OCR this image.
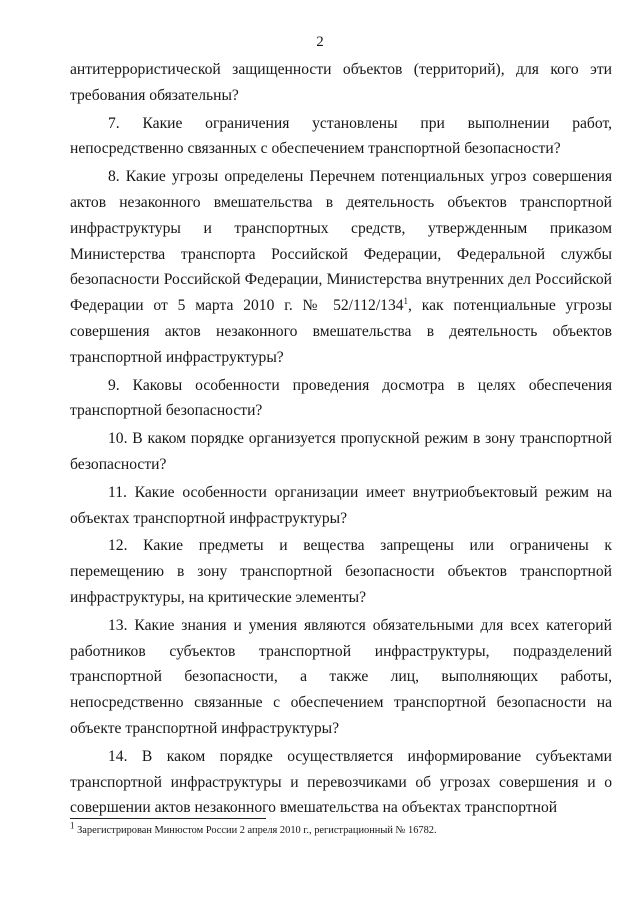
2

антитеррористической защищенности объектов (территорий), для кого эти требования обязательны?

7. Какие ограничения установлены при выполнении работ, непосредственно связанных с обеспечением транспортной безопасности?

8. Какие угрозы определены Перечнем потенциальных угроз совершения актов незаконного вмешательства в деятельность объектов транспортной инфраструктуры и транспортных средств, утвержденным приказом Министерства транспорта Российской Федерации, Федеральной службы безопасности Российской Федерации, Министерства внутренних дел Российской Федерации от 5 марта 2010 г. № $52/112/134^1$, как потенциальные угрозы совершения актов незаконного вмешательства в деятельность объектов транспортной инфраструктуры?

9. Каковы особенности проведения досмотра в целях обеспечения транспортной безопасности?

10. В каком порядке организуется пропускной режим в зону транспортной безопасности?

11. Какие особенности организации имеет внутриобъектовый режим на объектах транспортной инфраструктуры?

12. Какие предметы и вещества запрещены или ограничены к перемещению в зону транспортной безопасности объектов транспортной инфраструктуры, на критические элементы?

13. Какие знания и умения являются обязательными для всех категорий работников субъектов транспортной инфраструктуры, подразделений транспортной безопасности, а также лиц, выполняющих работы, непосредственно связанные с обеспечением транспортной безопасности на объекте транспортной инфраструктуры?

14. В каком порядке осуществляется информирование субъектами транспортной инфраструктуры и перевозчиками об угрозах совершения и о совершении актов незаконного вмешательства на объектах транспортной

$^1$ Зарегистрирован Минюстом России 2 апреля 2010 г., регистрационный № 16782.
